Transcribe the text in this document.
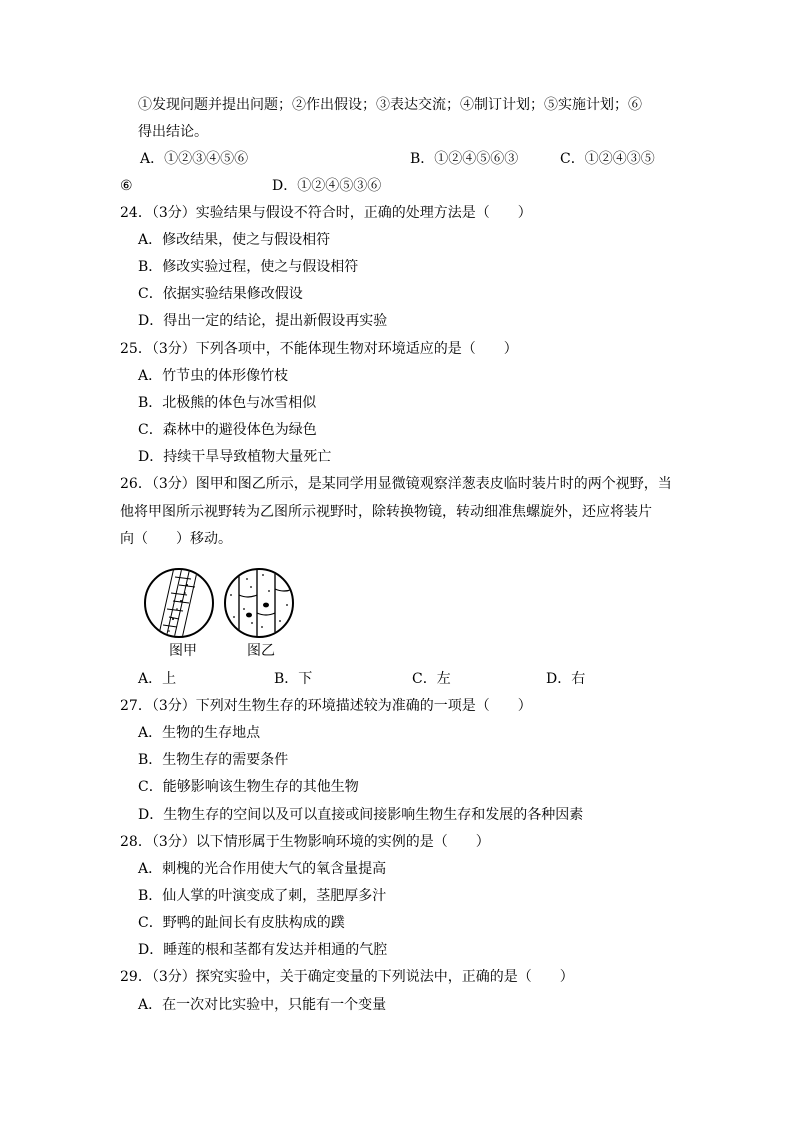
①发现问题并提出问题；②作出假设；③表达交流；④制订计划；⑤实施计划；⑥
得出结论。
A．①②③④⑤⑥	B．①②④⑤⑥③	C．①②④③⑤
⑥	D．①②④⑤③⑥
24．（3分）实验结果与假设不符合时，正确的处理方法是（　　）
A．修改结果，使之与假设相符
B．修改实验过程，使之与假设相符
C．依据实验结果修改假设
D．得出一定的结论，提出新假设再实验
25．（3分）下列各项中，不能体现生物对环境适应的是（　　）
A．竹节虫的体形像竹枝
B．北极熊的体色与冰雪相似
C．森林中的避役体色为绿色
D．持续干旱导致植物大量死亡
26．（3分）图甲和图乙所示，是某同学用显微镜观察洋葱表皮临时装片时的两个视野，当
他将甲图所示视野转为乙图所示视野时，除转换物镜，转动细准焦螺旋外，还应将装片
向（　　）移动。
图甲	图乙
A．上	B．下	C．左	D．右
27．（3分）下列对生物生存的环境描述较为准确的一项是（　　）
A．生物的生存地点
B．生物生存的需要条件
C．能够影响该生物生存的其他生物
D．生物生存的空间以及可以直接或间接影响生物生存和发展的各种因素
28．（3分）以下情形属于生物影响环境的实例的是（　　）
A．刺槐的光合作用使大气的氧含量提高
B．仙人掌的叶演变成了刺，茎肥厚多汁
C．野鸭的趾间长有皮肤构成的蹼
D．睡莲的根和茎都有发达并相通的气腔
29．（3分）探究实验中，关于确定变量的下列说法中，正确的是（　　）
A．在一次对比实验中，只能有一个变量
